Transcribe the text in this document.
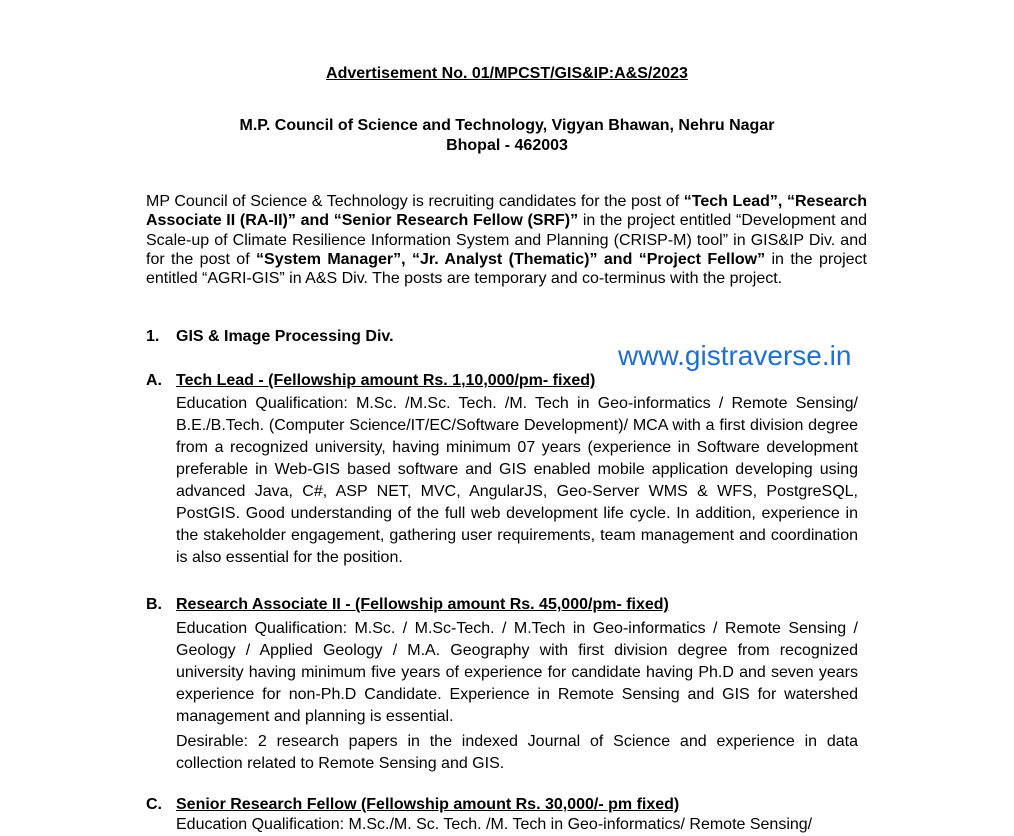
Advertisement No. 01/MPCST/GIS&IP:A&S/2023
M.P. Council of Science and Technology, Vigyan Bhawan, Nehru Nagar
Bhopal - 462003

MP Council of Science & Technology is recruiting candidates for the post of “Tech Lead”, “Research Associate II (RA-II)” and “Senior Research Fellow (SRF)” in the project entitled “Development and Scale-up of Climate Resilience Information System and Planning (CRISP-M) tool” in GIS&IP Div. and for the post of “System Manager”, “Jr. Analyst (Thematic)” and “Project Fellow” in the project entitled “AGRI-GIS” in A&S Div. The posts are temporary and co-terminus with the project.

1. GIS & Image Processing Div.
www.gistraverse.in
A. Tech Lead - (Fellowship amount Rs. 1,10,000/pm- fixed)

Education Qualification: M.Sc. /M.Sc. Tech. /M. Tech in Geo-informatics / Remote Sensing/ B.E./B.Tech. (Computer Science/IT/EC/Software Development)/ MCA with a first division degree from a recognized university, having minimum 07 years (experience in Software development preferable in Web-GIS based software and GIS enabled mobile application developing using advanced Java, C#, ASP NET, MVC, AngularJS, Geo-Server WMS & WFS, PostgreSQL, PostGIS. Good understanding of the full web development life cycle. In addition, experience in the stakeholder engagement, gathering user requirements, team management and coordination is also essential for the position.

B. Research Associate II - (Fellowship amount Rs. 45,000/pm- fixed)

Education Qualification: M.Sc. / M.Sc-Tech. / M.Tech in Geo-informatics / Remote Sensing / Geology / Applied Geology / M.A. Geography with first division degree from recognized university having minimum five years of experience for candidate having Ph.D and seven years experience for non-Ph.D Candidate. Experience in Remote Sensing and GIS for watershed management and planning is essential.

Desirable: 2 research papers in the indexed Journal of Science and experience in data collection related to Remote Sensing and GIS.

C. Senior Research Fellow (Fellowship amount Rs. 30,000/- pm fixed)

Education Qualification: M.Sc./M. Sc. Tech. /M. Tech in Geo-informatics/ Remote Sensing/
